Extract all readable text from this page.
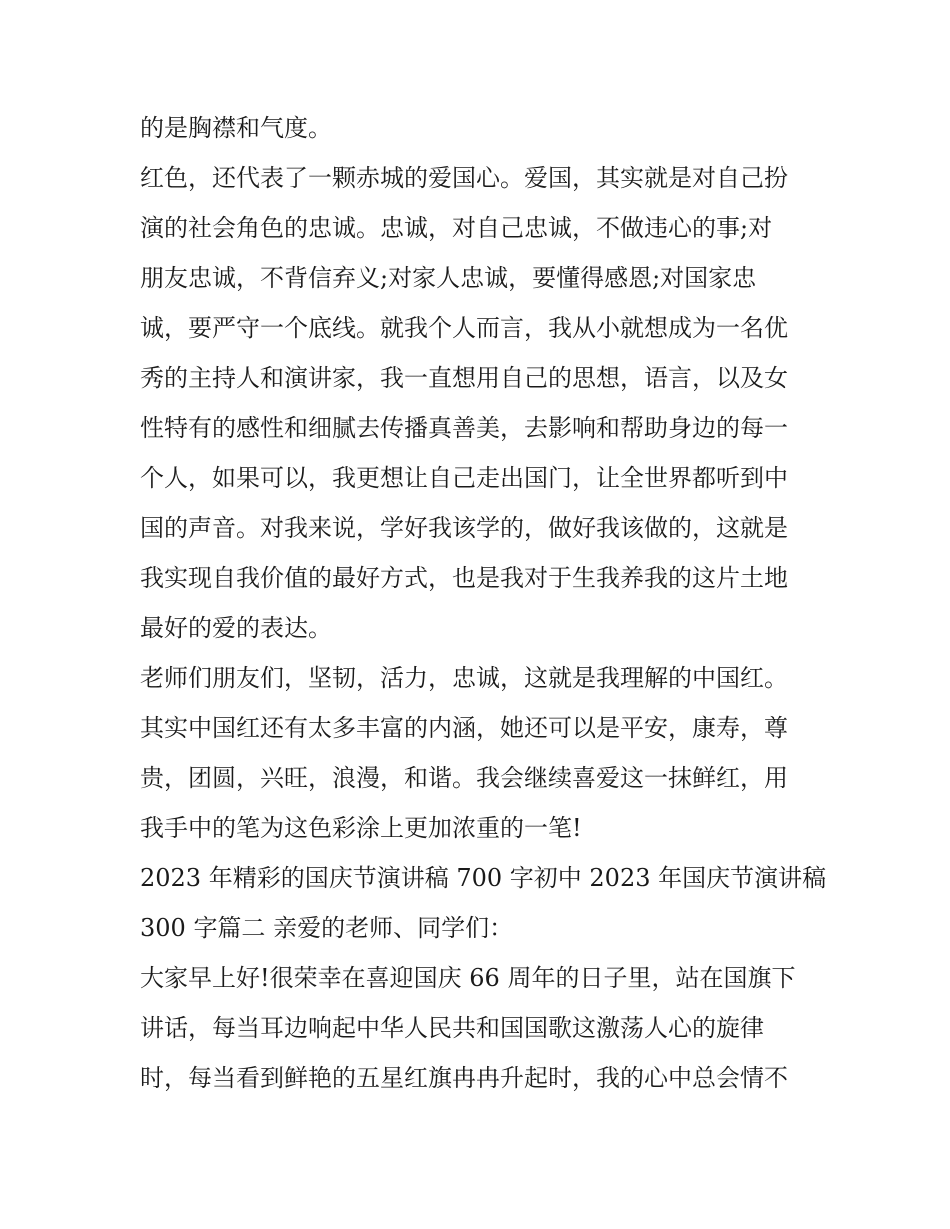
的是胸襟和气度。
红色，还代表了一颗赤城的爱国心。爱国，其实就是对自己扮
演的社会角色的忠诚。忠诚，对自己忠诚，不做违心的事;对
朋友忠诚，不背信弃义;对家人忠诚，要懂得感恩;对国家忠
诚，要严守一个底线。就我个人而言，我从小就想成为一名优
秀的主持人和演讲家，我一直想用自己的思想，语言，以及女
性特有的感性和细腻去传播真善美，去影响和帮助身边的每一
个人，如果可以，我更想让自己走出国门，让全世界都听到中
国的声音。对我来说，学好我该学的，做好我该做的，这就是
我实现自我价值的最好方式，也是我对于生我养我的这片土地
最好的爱的表达。
老师们朋友们，坚韧，活力，忠诚，这就是我理解的中国红。
其实中国红还有太多丰富的内涵，她还可以是平安，康寿，尊
贵，团圆，兴旺，浪漫，和谐。我会继续喜爱这一抹鲜红，用
我手中的笔为这色彩涂上更加浓重的一笔!
2023 年精彩的国庆节演讲稿 700 字初中 2023 年国庆节演讲稿
300 字篇二 亲爱的老师、同学们：
大家早上好!很荣幸在喜迎国庆 66 周年的日子里，站在国旗下
讲话，每当耳边响起中华人民共和国国歌这激荡人心的旋律
时，每当看到鲜艳的五星红旗冉冉升起时，我的心中总会情不
